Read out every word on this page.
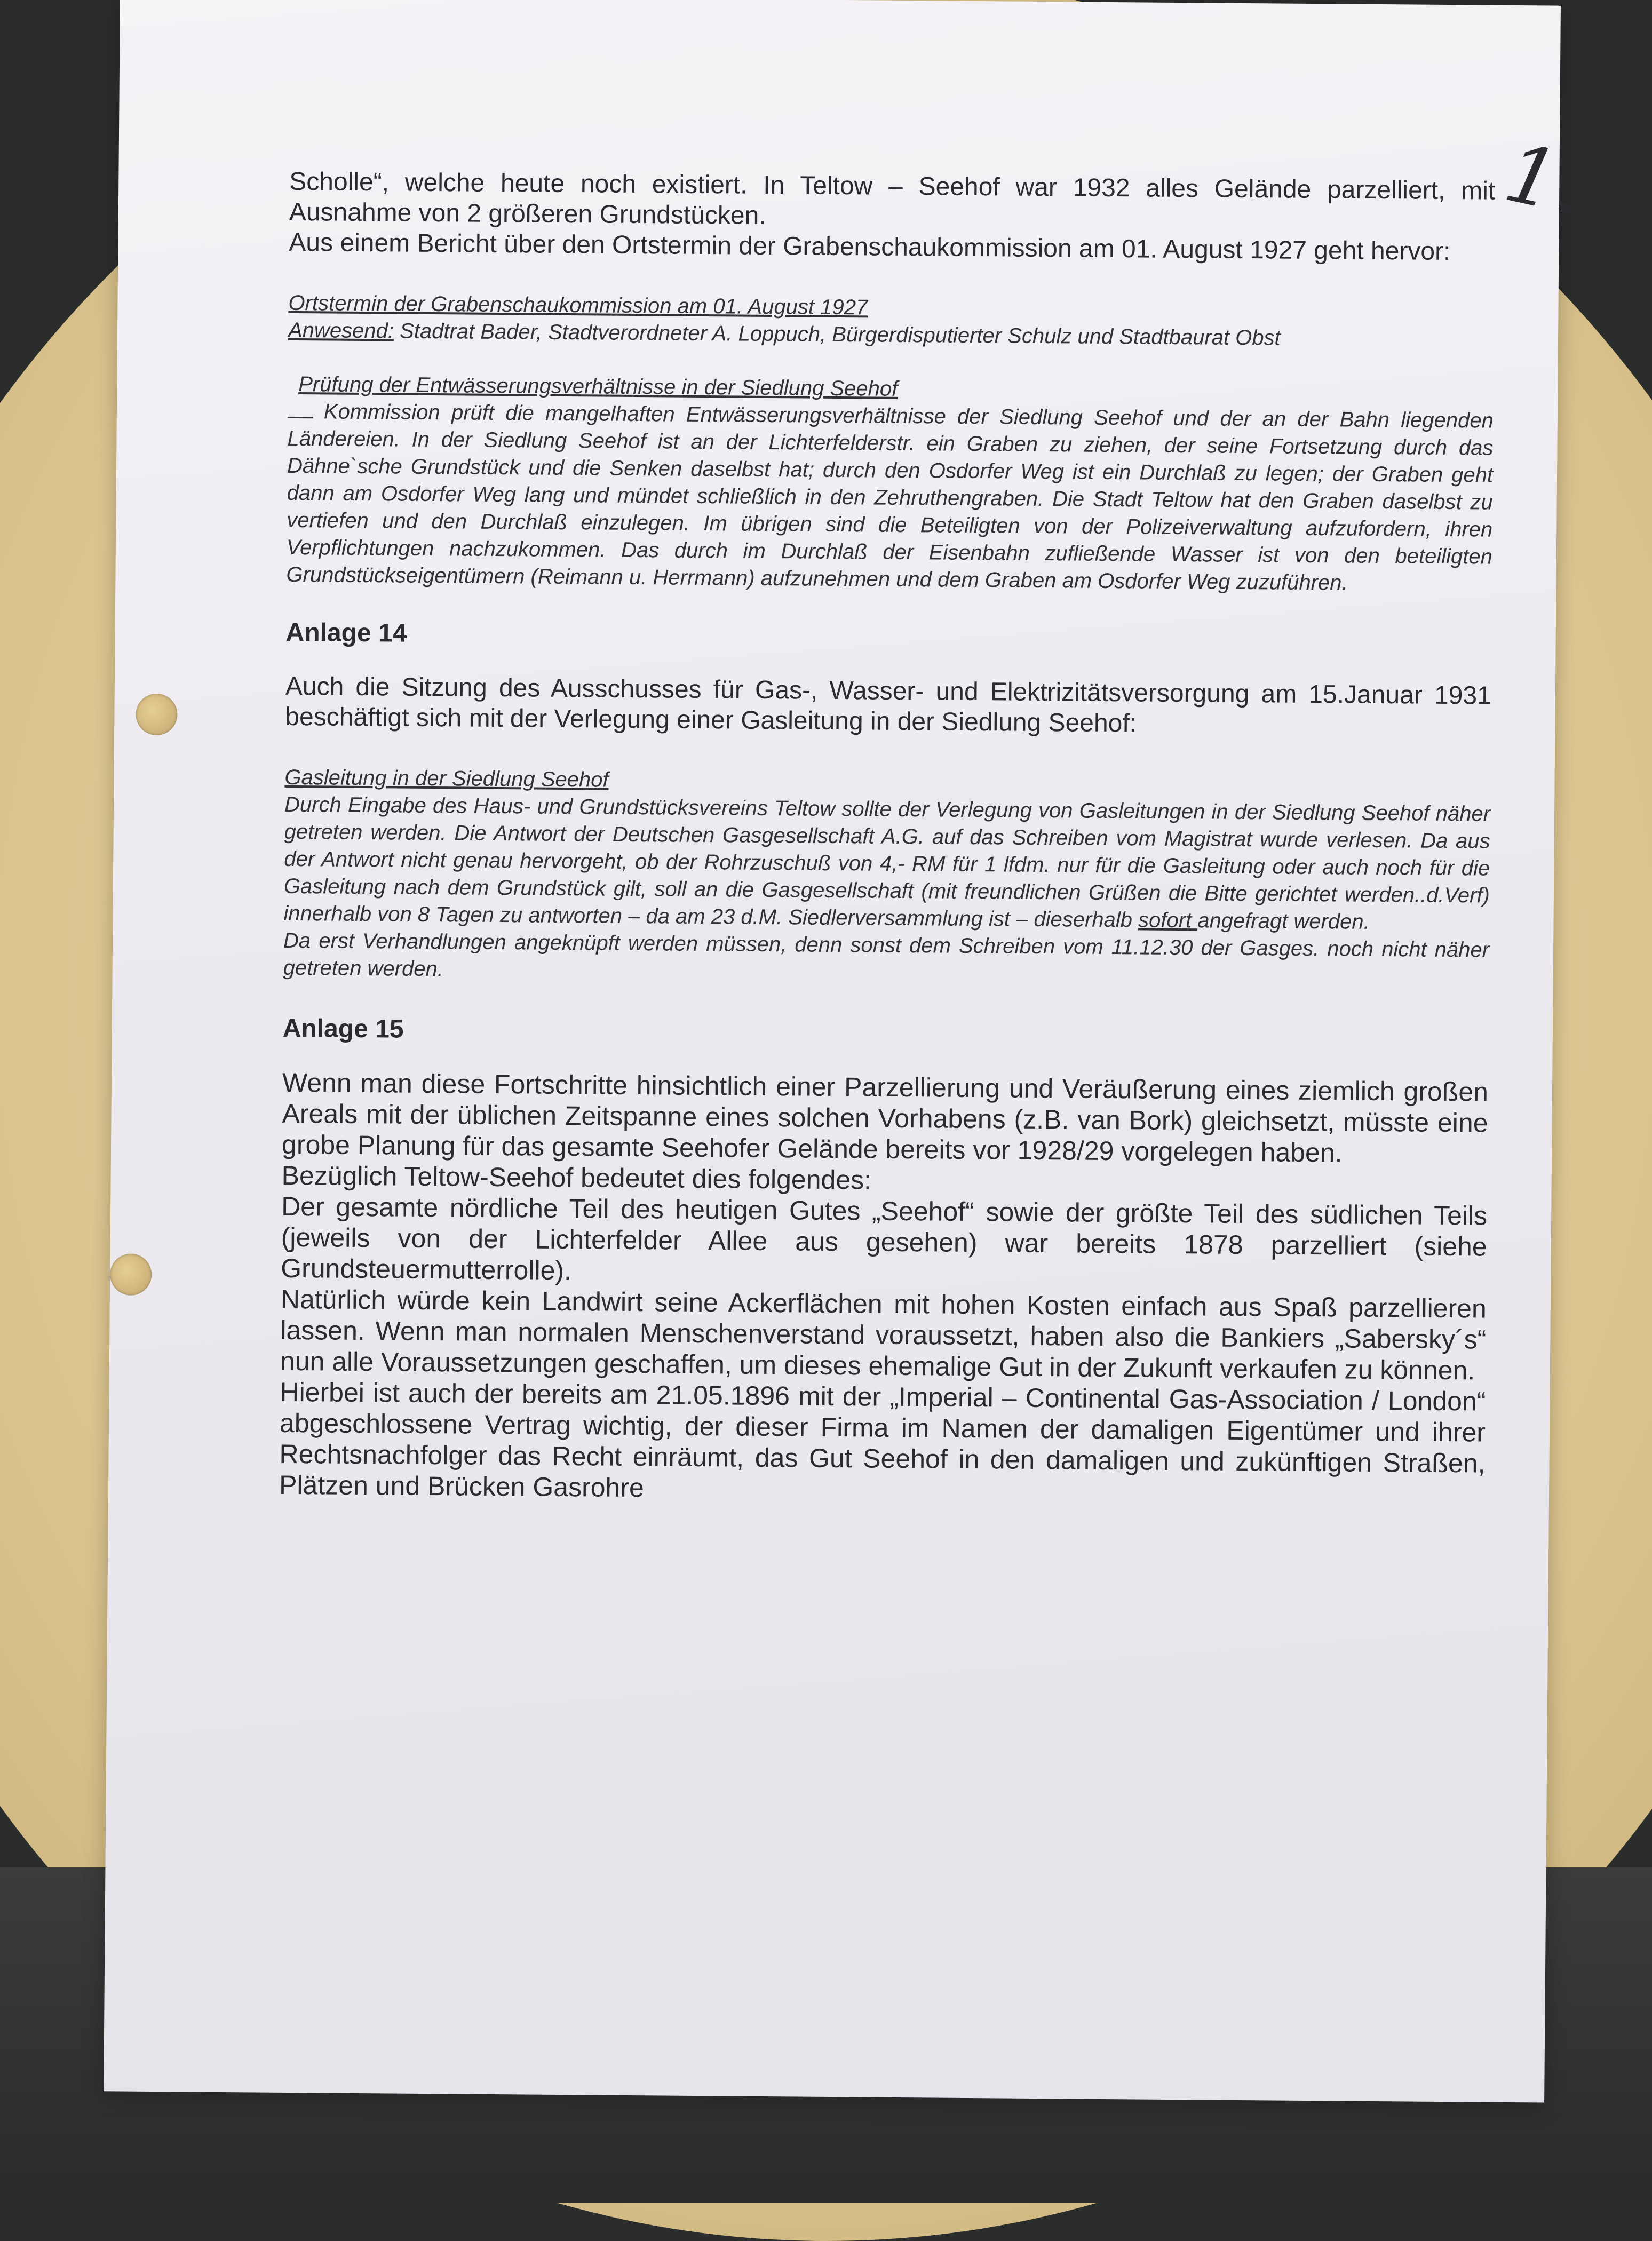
1.

Scholle“, welche heute noch existiert. In Teltow – Seehof war 1932 alles Gelände parzelliert, mit Ausnahme von 2 größeren Grundstücken.

Aus einem Bericht über den Ortstermin der Grabenschaukommission am 01. August 1927 geht hervor:

Ortstermin der Grabenschaukommission am 01. August 1927

Anwesend: Stadtrat Bader, Stadtverordneter A. Loppuch, Bürgerdisputierter Schulz und Stadtbaurat Obst

Prüfung der Entwässerungsverhältnisse in der Siedlung Seehof

Kommission prüft die mangelhaften Entwässerungsverhältnisse der Siedlung Seehof und der an der Bahn liegenden Ländereien. In der Siedlung Seehof ist an der Lichterfelderstr. ein Graben zu ziehen, der seine Fortsetzung durch das Dähne`sche Grundstück und die Senken daselbst hat; durch den Osdorfer Weg ist ein Durchlaß zu legen; der Graben geht dann am Osdorfer Weg lang und mündet schließlich in den Zehruthengraben. Die Stadt Teltow hat den Graben daselbst zu vertiefen und den Durchlaß einzulegen. Im übrigen sind die Beteiligten von der Polizeiverwaltung aufzufordern, ihren Verpflichtungen nachzukommen. Das durch im Durchlaß der Eisenbahn zufließende Wasser ist von den beteiligten Grundstückseigentümern (Reimann u. Herrmann) aufzunehmen und dem Graben am Osdorfer Weg zuzuführen.

Anlage 14

Auch die Sitzung des Ausschusses für Gas-, Wasser- und Elektrizitätsversorgung am 15.Januar 1931 beschäftigt sich mit der Verlegung einer Gasleitung in der Siedlung Seehof:

Gasleitung in der Siedlung Seehof

Durch Eingabe des Haus- und Grundstücksvereins Teltow sollte der Verlegung von Gasleitungen in der Siedlung Seehof näher getreten werden. Die Antwort der Deutschen Gasgesellschaft A.G. auf das Schreiben vom Magistrat wurde verlesen. Da aus der Antwort nicht genau hervorgeht, ob der Rohrzuschuß von 4,- RM für 1 lfdm. nur für die Gasleitung oder auch noch für die Gasleitung nach dem Grundstück gilt, soll an die Gasgesellschaft (mit freundlichen Grüßen die Bitte gerichtet werden..d.Verf) innerhalb von 8 Tagen zu antworten – da am 23 d.M. Siedlerversammlung ist – dieserhalb sofort angefragt werden.

Da erst Verhandlungen angeknüpft werden müssen, denn sonst dem Schreiben vom 11.12.30 der Gasges. noch nicht näher getreten werden.

Anlage 15

Wenn man diese Fortschritte hinsichtlich einer Parzellierung und Veräußerung eines ziemlich großen Areals mit der üblichen Zeitspanne eines solchen Vorhabens (z.B. van Bork) gleichsetzt, müsste eine grobe Planung für das gesamte Seehofer Gelände bereits vor 1928/29 vorgelegen haben.

Bezüglich Teltow-Seehof bedeutet dies folgendes:

Der gesamte nördliche Teil des heutigen Gutes „Seehof“ sowie der größte Teil des südlichen Teils (jeweils von der Lichterfelder Allee aus gesehen) war bereits 1878 parzelliert (siehe Grundsteuermutterrolle).

Natürlich würde kein Landwirt seine Ackerflächen mit hohen Kosten einfach aus Spaß parzellieren lassen. Wenn man normalen Menschenverstand voraussetzt, haben also die Bankiers „Sabersky´s“ nun alle Voraussetzungen geschaffen, um dieses ehemalige Gut in der Zukunft verkaufen zu können.

Hierbei ist auch der bereits am 21.05.1896 mit der „Imperial – Continental Gas-Association / London“ abgeschlossene Vertrag wichtig, der dieser Firma im Namen der damaligen Eigentümer und ihrer Rechtsnachfolger das Recht einräumt, das Gut Seehof in den damaligen und zukünftigen Straßen, Plätzen und Brücken Gasrohre
